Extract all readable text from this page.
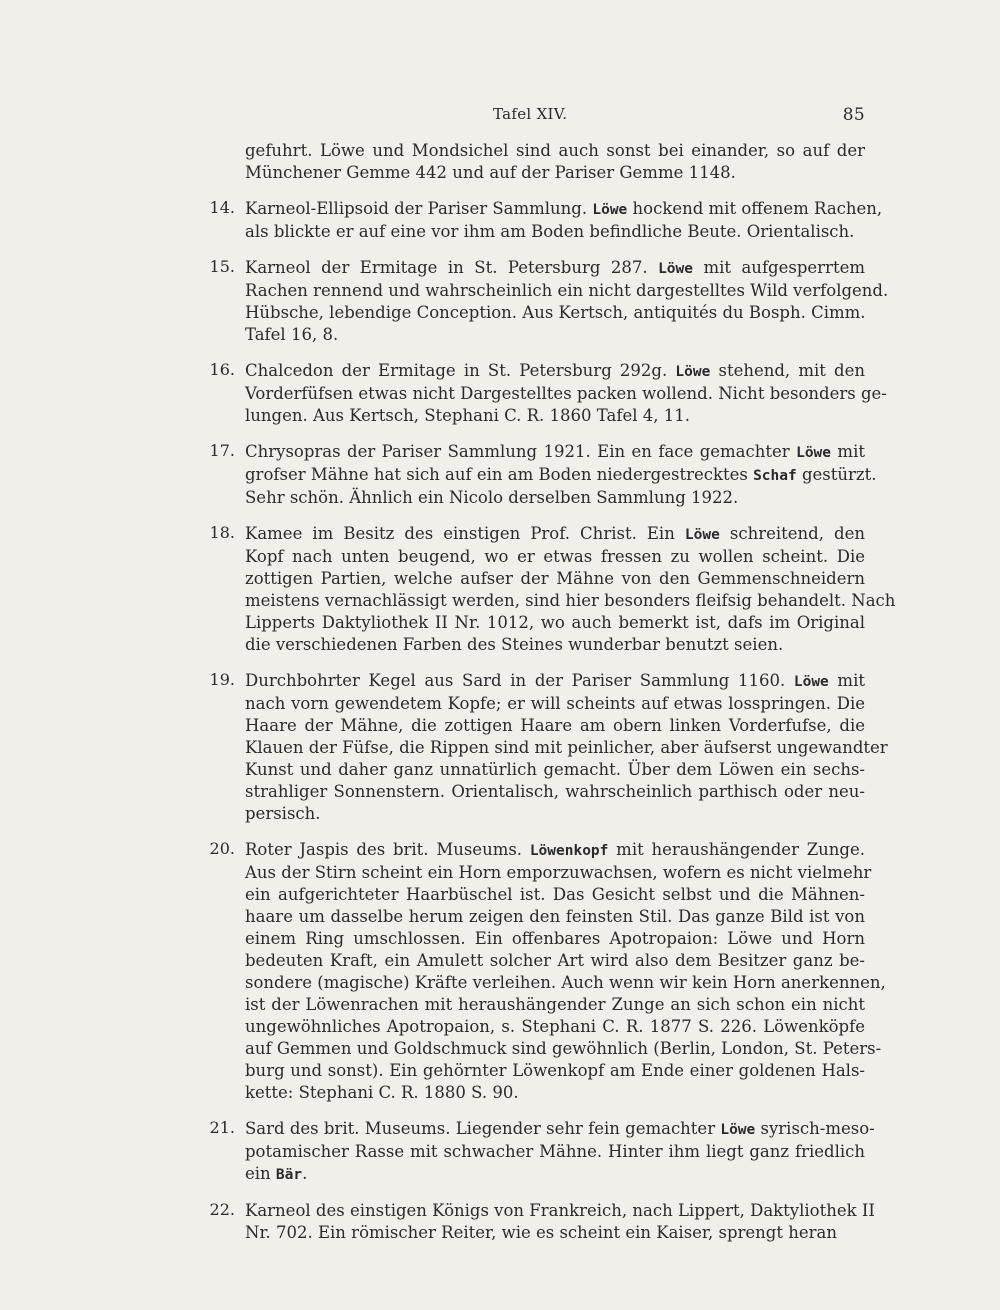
Tafel XIV.	85
gefuhrt. Löwe und Mondsichel sind auch sonst bei einander, so auf der
Münchener Gemme 442 und auf der Pariser Gemme 1148.
14. Karneol-Ellipsoid der Pariser Sammlung. Löwe hockend mit offenem Rachen,
als blickte er auf eine vor ihm am Boden befindliche Beute. Orientalisch.
15. Karneol der Ermitage in St. Petersburg 287. Löwe mit aufgesperrtem
Rachen rennend und wahrscheinlich ein nicht dargestelltes Wild verfolgend.
Hübsche, lebendige Conception. Aus Kertsch, antiquités du Bosph. Cimm.
Tafel 16, 8.
16. Chalcedon der Ermitage in St. Petersburg 292g. Löwe stehend, mit den
Vorderfüfsen etwas nicht Dargestelltes packen wollend. Nicht besonders ge-
lungen. Aus Kertsch, Stephani C. R. 1860 Tafel 4, 11.
17. Chrysopras der Pariser Sammlung 1921. Ein en face gemachter Löwe mit
grofser Mähne hat sich auf ein am Boden niedergestrecktes Schaf gestürzt.
Sehr schön. Ähnlich ein Nicolo derselben Sammlung 1922.
18. Kamee im Besitz des einstigen Prof. Christ. Ein Löwe schreitend, den
Kopf nach unten beugend, wo er etwas fressen zu wollen scheint. Die
zottigen Partien, welche aufser der Mähne von den Gemmenschneidern
meistens vernachlässigt werden, sind hier besonders fleifsig behandelt. Nach
Lipperts Daktyliothek II Nr. 1012, wo auch bemerkt ist, dafs im Original
die verschiedenen Farben des Steines wunderbar benutzt seien.
19. Durchbohrter Kegel aus Sard in der Pariser Sammlung 1160. Löwe mit
nach vorn gewendetem Kopfe; er will scheints auf etwas losspringen. Die
Haare der Mähne, die zottigen Haare am obern linken Vorderfufse, die
Klauen der Füfse, die Rippen sind mit peinlicher, aber äufserst ungewandter
Kunst und daher ganz unnatürlich gemacht. Über dem Löwen ein sechs-
strahliger Sonnenstern. Orientalisch, wahrscheinlich parthisch oder neu-
persisch.
20. Roter Jaspis des brit. Museums. Löwenkopf mit heraushängender Zunge.
Aus der Stirn scheint ein Horn emporzuwachsen, wofern es nicht vielmehr
ein aufgerichteter Haarbüschel ist. Das Gesicht selbst und die Mähnen-
haare um dasselbe herum zeigen den feinsten Stil. Das ganze Bild ist von
einem Ring umschlossen. Ein offenbares Apotropaion: Löwe und Horn
bedeuten Kraft, ein Amulett solcher Art wird also dem Besitzer ganz be-
sondere (magische) Kräfte verleihen. Auch wenn wir kein Horn anerkennen,
ist der Löwenrachen mit heraushängender Zunge an sich schon ein nicht
ungewöhnliches Apotropaion, s. Stephani C. R. 1877 S. 226. Löwenköpfe
auf Gemmen und Goldschmuck sind gewöhnlich (Berlin, London, St. Peters-
burg und sonst). Ein gehörnter Löwenkopf am Ende einer goldenen Hals-
kette: Stephani C. R. 1880 S. 90.
21. Sard des brit. Museums. Liegender sehr fein gemachter Löwe syrisch-meso-
potamischer Rasse mit schwacher Mähne. Hinter ihm liegt ganz friedlich
ein Bär.
22. Karneol des einstigen Königs von Frankreich, nach Lippert, Daktyliothek II
Nr. 702. Ein römischer Reiter, wie es scheint ein Kaiser, sprengt heran
